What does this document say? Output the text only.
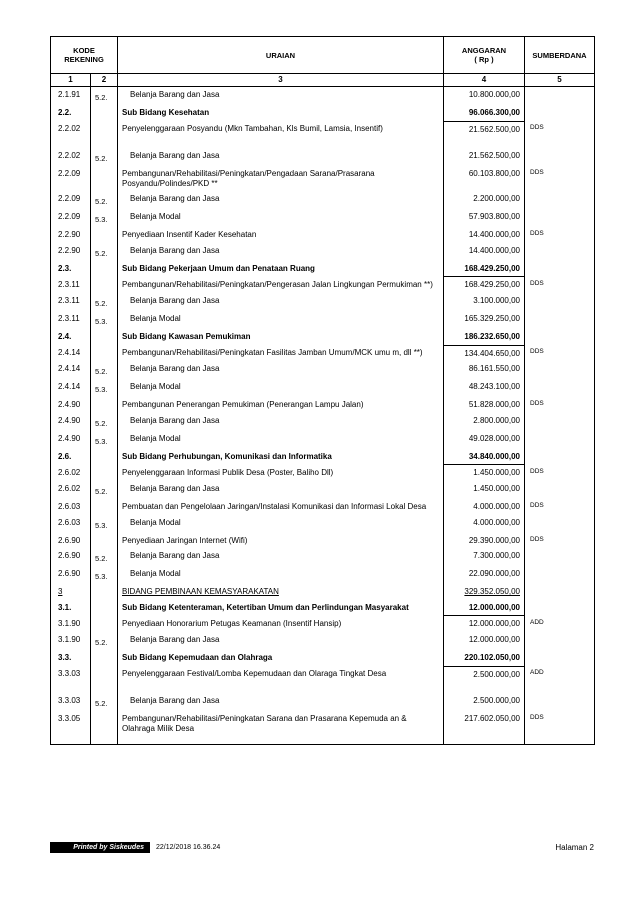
KODE
REKENING		URAIAN	ANGGARAN
( Rp )	SUMBERDANA
1	2	3	4	5
2.1.91	5.2.	Belanja Barang dan Jasa	10.800.000,00	
2.2.		Sub Bidang Kesehatan	96.066.300,00	
2.2.02		Penyelenggaraan Posyandu (Mkn Tambahan, Kls Bumil, Lamsia, Insentif)	21.562.500,00	DDS
2.2.02	5.2.	Belanja Barang dan Jasa	21.562.500,00	
2.2.09		Pembangunan/Rehabilitasi/Peningkatan/Pengadaan Sarana/Prasarana Posyandu/Polindes/PKD **	60.103.800,00	DDS
2.2.09	5.2.	Belanja Barang dan Jasa	2.200.000,00	
2.2.09	5.3.	Belanja Modal	57.903.800,00	
2.2.90		Penyediaan Insentif Kader Kesehatan	14.400.000,00	DDS
2.2.90	5.2.	Belanja Barang dan Jasa	14.400.000,00	
2.3.		Sub Bidang Pekerjaan Umum dan Penataan Ruang	168.429.250,00	
2.3.11		Pembangunan/Rehabilitasi/Peningkatan/Pengerasan Jalan Lingkungan Permukiman **)	168.429.250,00	DDS
2.3.11	5.2.	Belanja Barang dan Jasa	3.100.000,00	
2.3.11	5.3.	Belanja Modal	165.329.250,00	
2.4.		Sub Bidang Kawasan Pemukiman	186.232.650,00	
2.4.14		Pembangunan/Rehabilitasi/Peningkatan Fasilitas Jamban Umum/MCK umu m, dll **)	134.404.650,00	DDS
2.4.14	5.2.	Belanja Barang dan Jasa	86.161.550,00	
2.4.14	5.3.	Belanja Modal	48.243.100,00	
2.4.90		Pembangunan Penerangan Pemukiman (Penerangan Lampu Jalan)	51.828.000,00	DDS
2.4.90	5.2.	Belanja Barang dan Jasa	2.800.000,00	
2.4.90	5.3.	Belanja Modal	49.028.000,00	
2.6.		Sub Bidang Perhubungan, Komunikasi dan Informatika	34.840.000,00	
2.6.02		Penyelenggaraan Informasi Publik Desa (Poster, Baliho Dll)	1.450.000,00	DDS
2.6.02	5.2.	Belanja Barang dan Jasa	1.450.000,00	
2.6.03		Pembuatan dan Pengelolaan Jaringan/Instalasi Komunikasi dan Informasi Lokal Desa	4.000.000,00	DDS
2.6.03	5.3.	Belanja Modal	4.000.000,00	
2.6.90		Penyediaan Jaringan Internet (Wifi)	29.390.000,00	DDS
2.6.90	5.2.	Belanja Barang dan Jasa	7.300.000,00	
2.6.90	5.3.	Belanja Modal	22.090.000,00	
3		BIDANG PEMBINAAN KEMASYARAKATAN	329.352.050,00	
3.1.		Sub Bidang Ketenteraman, Ketertiban Umum dan Perlindungan Masyarakat	12.000.000,00	
3.1.90		Penyediaan Honorarium Petugas Keamanan (Insentif Hansip)	12.000.000,00	ADD
3.1.90	5.2.	Belanja Barang dan Jasa	12.000.000,00	
3.3.		Sub Bidang Kepemudaan dan Olahraga	220.102.050,00	
3.3.03		Penyelenggaraan Festival/Lomba Kepemudaan dan Olaraga Tingkat Desa	2.500.000,00	ADD
3.3.03	5.2.	Belanja Barang dan Jasa	2.500.000,00	
3.3.05		Pembangunan/Rehabilitasi/Peningkatan Sarana dan Prasarana Kepemuda an & Olahraga Milik Desa	217.602.050,00	DDS

Printed by Siskeudes	22/12/2018 16.36.24	Halaman 2
